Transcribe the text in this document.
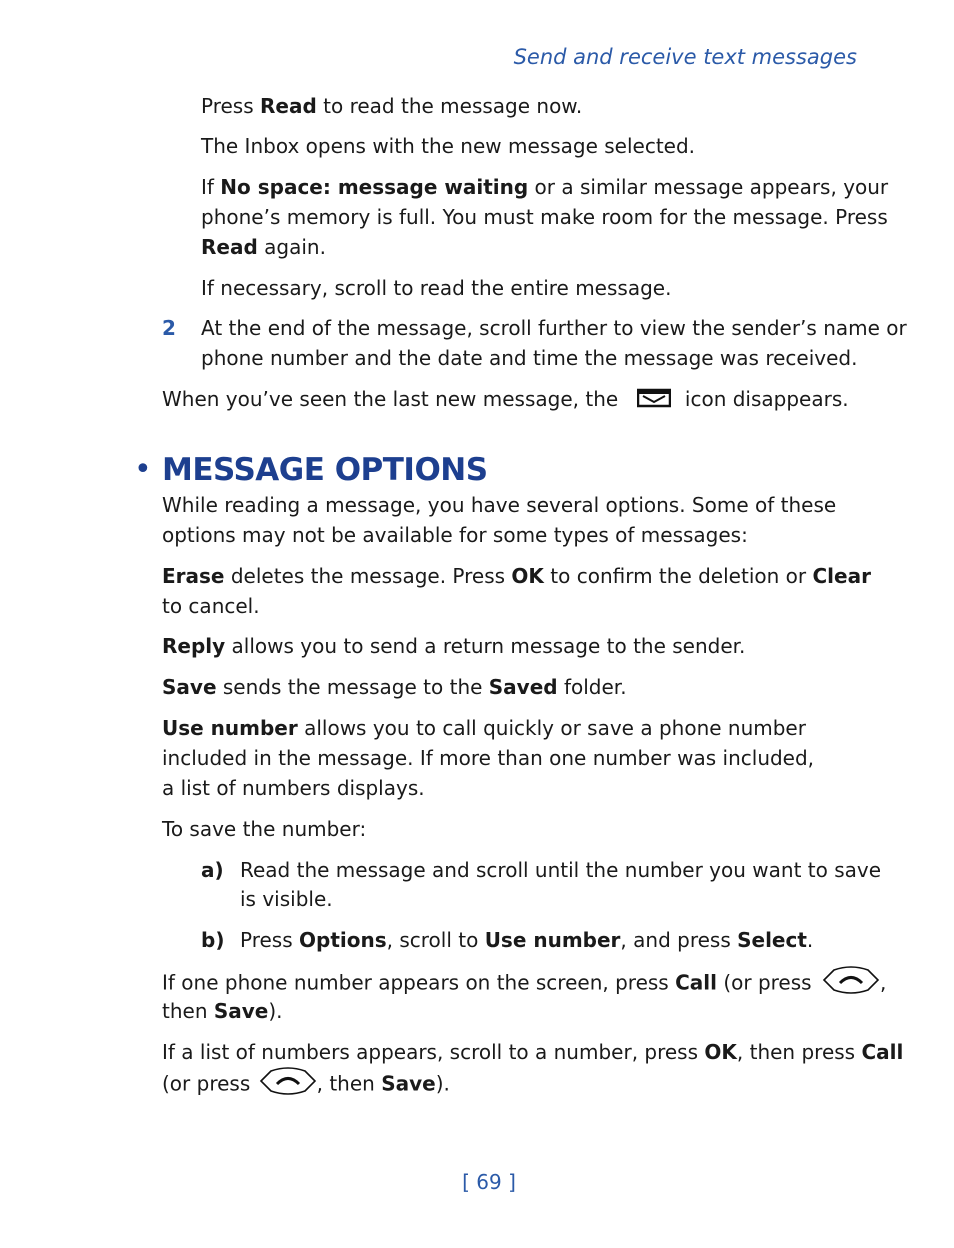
Send and receive text messages
Press Read to read the message now.
The Inbox opens with the new message selected.
If No space: message waiting or a similar message appears, your
phone’s memory is full. You must make room for the message. Press
Read again.
If necessary, scroll to read the entire message.
2 At the end of the message, scroll further to view the sender’s name or
phone number and the date and time the message was received.
When you’ve seen the last new message, the	icon disappears.
• MESSAGE OPTIONS
While reading a message, you have several options. Some of these
options may not be available for some types of messages:
Erase deletes the message. Press OK to confirm the deletion or Clear
to cancel.
Reply allows you to send a return message to the sender.
Save sends the message to the Saved folder.
Use number allows you to call quickly or save a phone number
included in the message. If more than one number was included,
a list of numbers displays.
To save the number:
a) Read the message and scroll until the number you want to save
is visible.
b) Press Options, scroll to Use number, and press Select.
If one phone number appears on the screen, press Call (or press	,
then Save).
If a list of numbers appears, scroll to a number, press OK, then press Call
(or press	, then Save).
[ 69 ]
